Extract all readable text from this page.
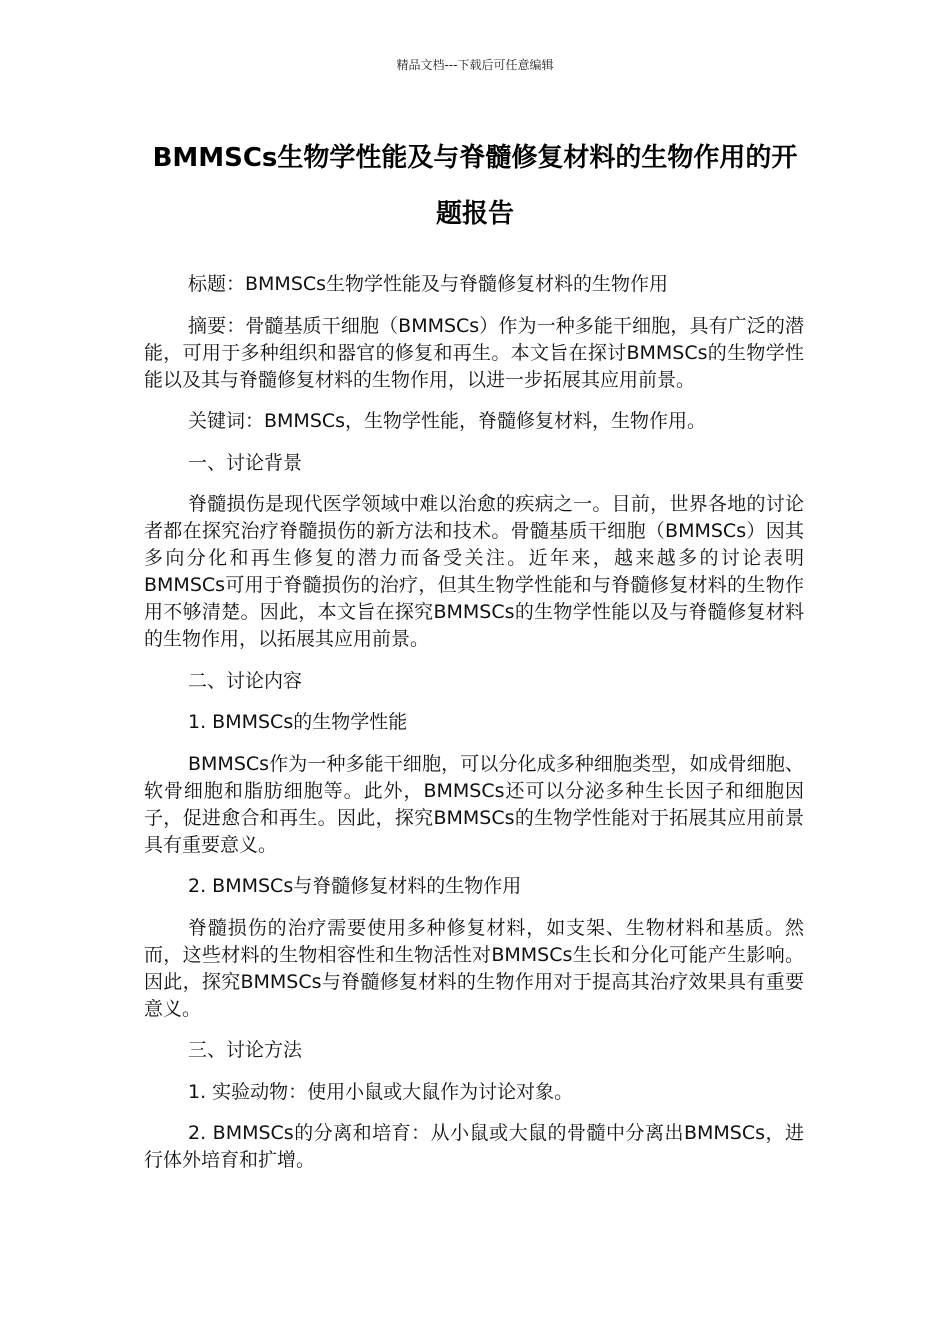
精品文档---下载后可任意编辑
BMMSCs生物学性能及与脊髓修复材料的生物作用的开题报告

标题：BMMSCs生物学性能及与脊髓修复材料的生物作用

摘要：骨髓基质干细胞（BMMSCs）作为一种多能干细胞，具有广泛的潜能，可用于多种组织和器官的修复和再生。本文旨在探讨BMMSCs的生物学性能以及其与脊髓修复材料的生物作用，以进一步拓展其应用前景。

关键词：BMMSCs，生物学性能，脊髓修复材料，生物作用。

一、讨论背景

脊髓损伤是现代医学领域中难以治愈的疾病之一。目前，世界各地的讨论者都在探究治疗脊髓损伤的新方法和技术。骨髓基质干细胞（BMMSCs）因其多向分化和再生修复的潜力而备受关注。近年来，越来越多的讨论表明BMMSCs可用于脊髓损伤的治疗，但其生物学性能和与脊髓修复材料的生物作用不够清楚。因此，本文旨在探究BMMSCs的生物学性能以及与脊髓修复材料的生物作用，以拓展其应用前景。

二、讨论内容

1. BMMSCs的生物学性能

BMMSCs作为一种多能干细胞，可以分化成多种细胞类型，如成骨细胞、软骨细胞和脂肪细胞等。此外，BMMSCs还可以分泌多种生长因子和细胞因子，促进愈合和再生。因此，探究BMMSCs的生物学性能对于拓展其应用前景具有重要意义。

2. BMMSCs与脊髓修复材料的生物作用

脊髓损伤的治疗需要使用多种修复材料，如支架、生物材料和基质。然而，这些材料的生物相容性和生物活性对BMMSCs生长和分化可能产生影响。因此，探究BMMSCs与脊髓修复材料的生物作用对于提高其治疗效果具有重要意义。

三、讨论方法

1. 实验动物：使用小鼠或大鼠作为讨论对象。

2. BMMSCs的分离和培育：从小鼠或大鼠的骨髓中分离出BMMSCs，进行体外培育和扩增。
